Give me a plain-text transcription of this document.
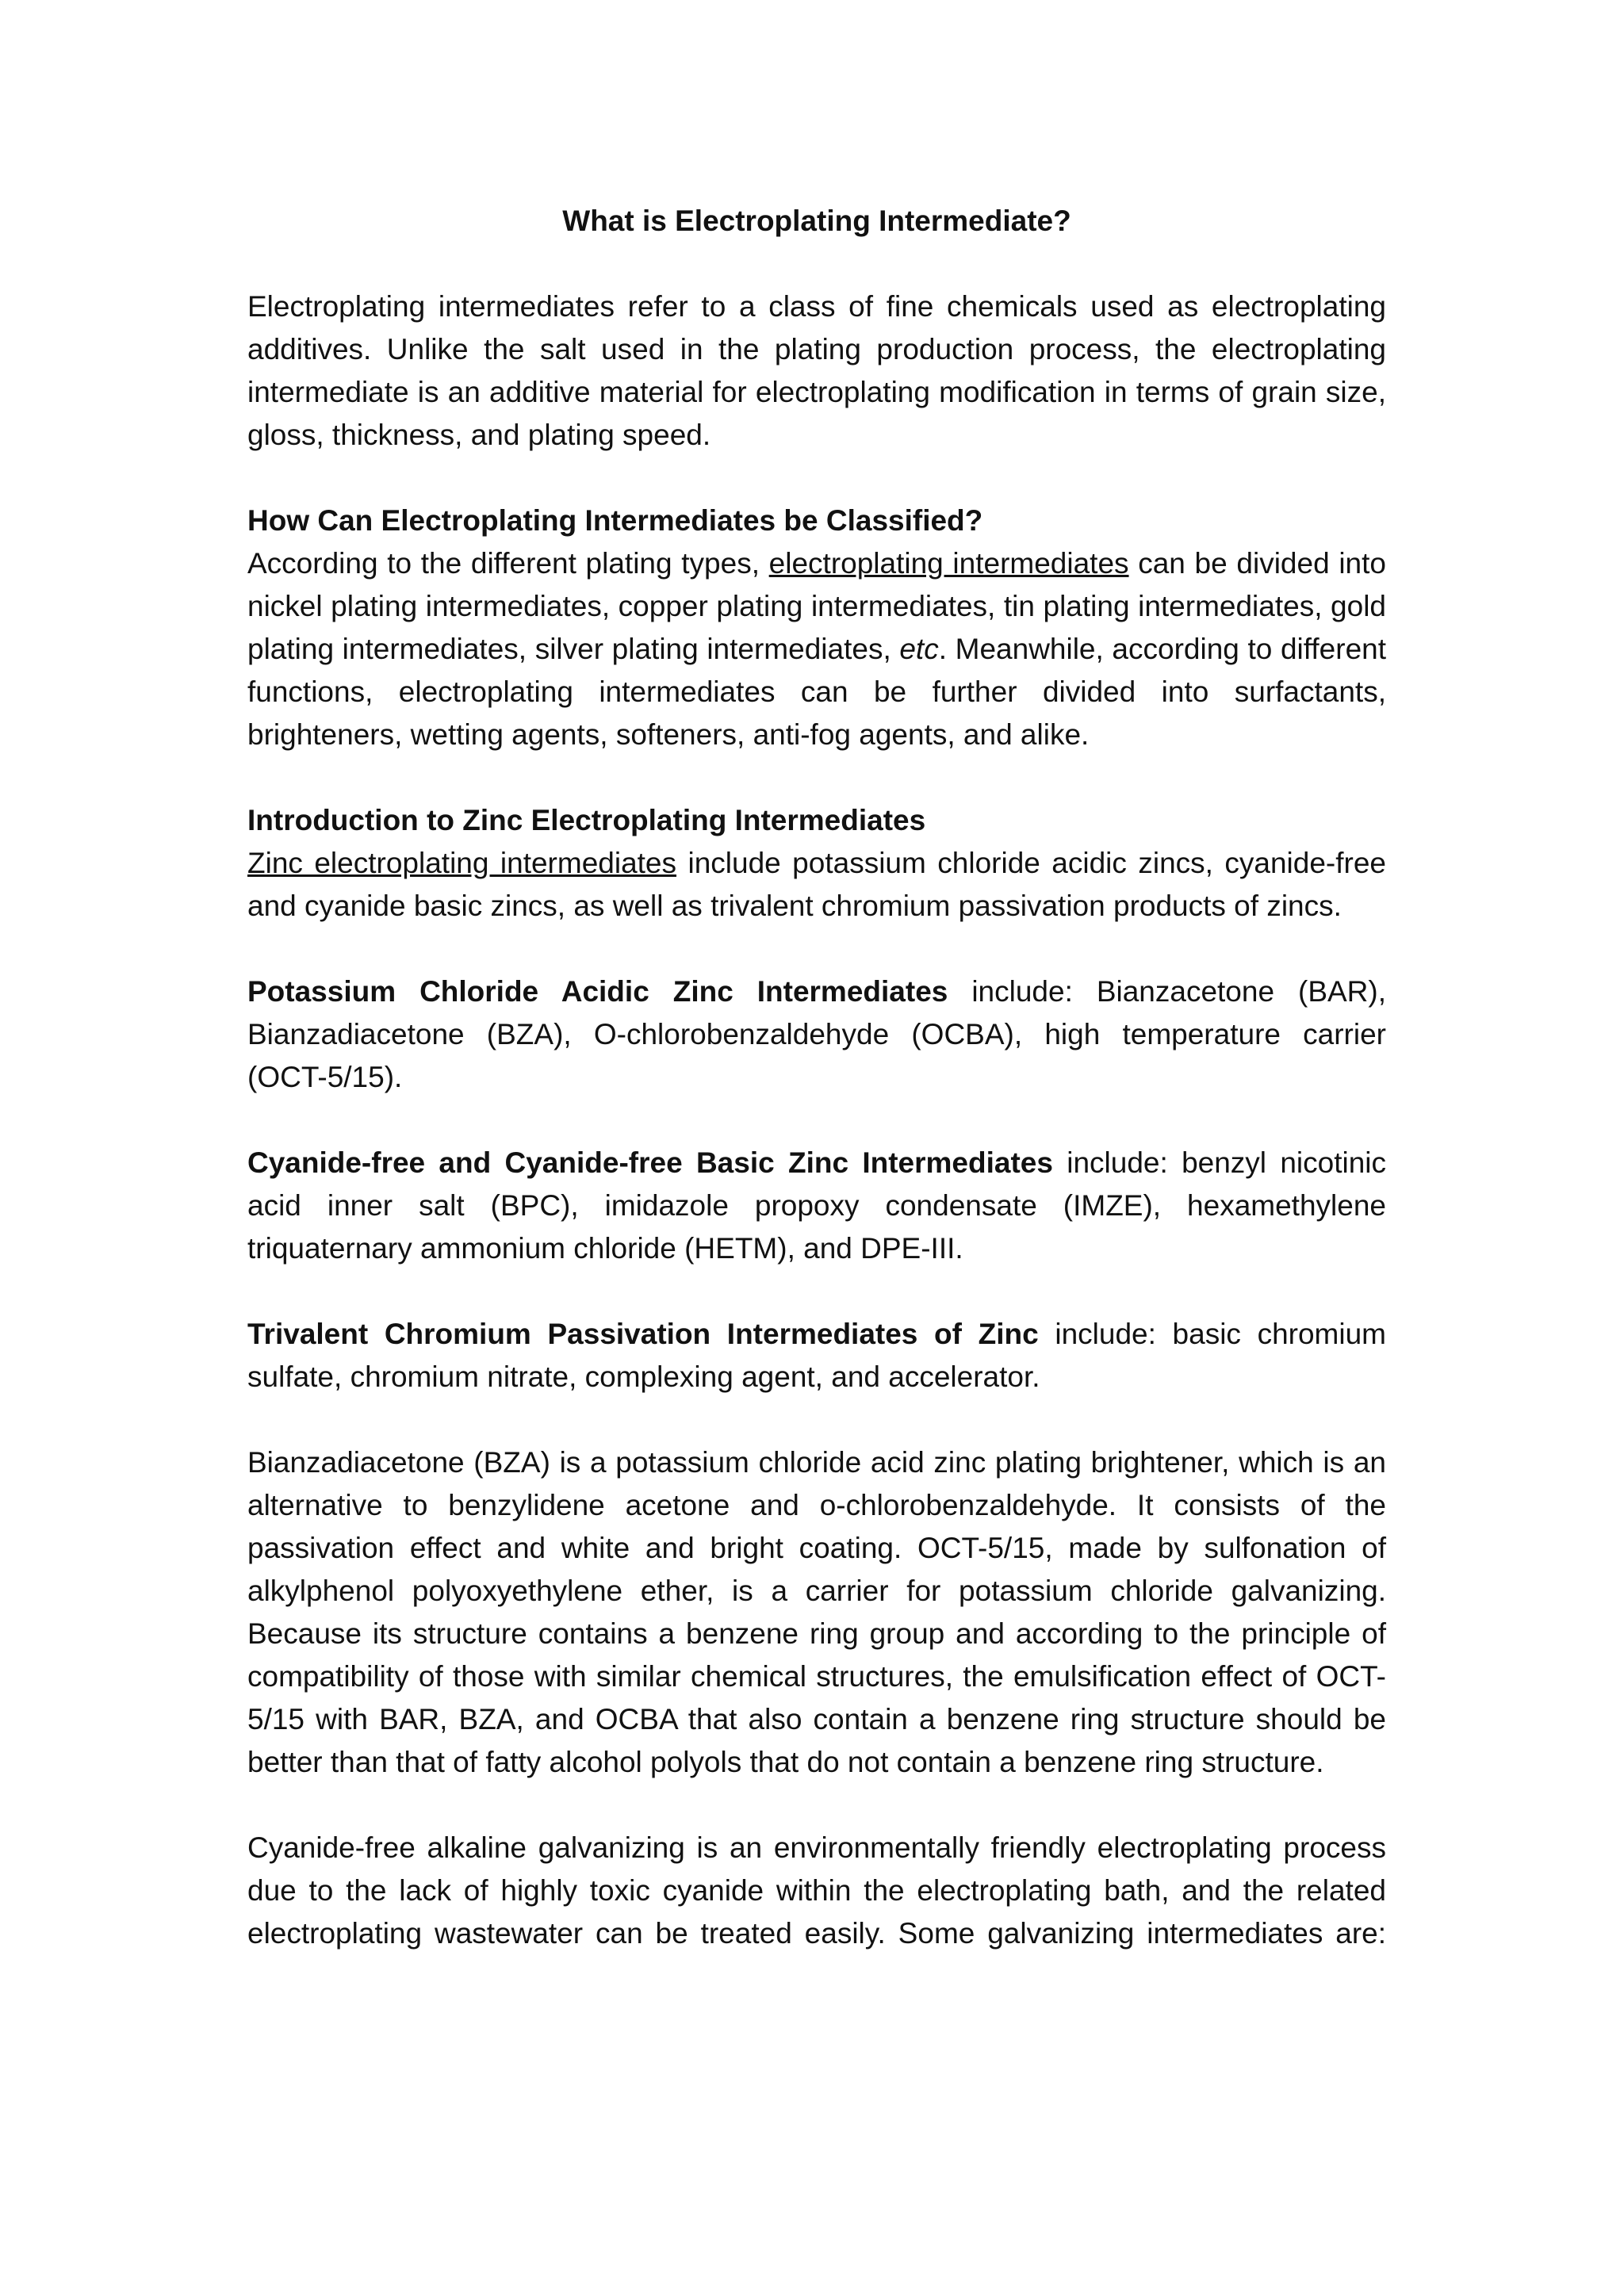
What is Electroplating Intermediate?

Electroplating intermediates refer to a class of fine chemicals used as electroplating additives. Unlike the salt used in the plating production process, the electroplating intermediate is an additive material for electroplating modification in terms of grain size, gloss, thickness, and plating speed.

How Can Electroplating Intermediates be Classified?

According to the different plating types, electroplating intermediates can be divided into nickel plating intermediates, copper plating intermediates, tin plating intermediates, gold plating intermediates, silver plating intermediates, etc. Meanwhile, according to different functions, electroplating intermediates can be further divided into surfactants, brighteners, wetting agents, softeners, anti-fog agents, and alike.

Introduction to Zinc Electroplating Intermediates

Zinc electroplating intermediates include potassium chloride acidic zincs, cyanide-free and cyanide basic zincs, as well as trivalent chromium passivation products of zincs.

Potassium Chloride Acidic Zinc Intermediates include: Bianzacetone (BAR), Bianzadiacetone (BZA), O-chlorobenzaldehyde (OCBA), high temperature carrier (OCT-5/15).

Cyanide-free and Cyanide-free Basic Zinc Intermediates include: benzyl nicotinic acid inner salt (BPC), imidazole propoxy condensate (IMZE), hexamethylene triquaternary ammonium chloride (HETM), and DPE-III.

Trivalent Chromium Passivation Intermediates of Zinc include: basic chromium sulfate, chromium nitrate, complexing agent, and accelerator.

Bianzadiacetone (BZA) is a potassium chloride acid zinc plating brightener, which is an alternative to benzylidene acetone and o-chlorobenzaldehyde. It consists of the passivation effect and white and bright coating. OCT-5/15, made by sulfonation of alkylphenol polyoxyethylene ether, is a carrier for potassium chloride galvanizing. Because its structure contains a benzene ring group and according to the principle of compatibility of those with similar chemical structures, the emulsification effect of OCT-5/15 with BAR, BZA, and OCBA that also contain a benzene ring structure should be better than that of fatty alcohol polyols that do not contain a benzene ring structure.

Cyanide-free alkaline galvanizing is an environmentally friendly electroplating process due to the lack of highly toxic cyanide within the electroplating bath, and the related electroplating wastewater can be treated easily. Some galvanizing intermediates are:
